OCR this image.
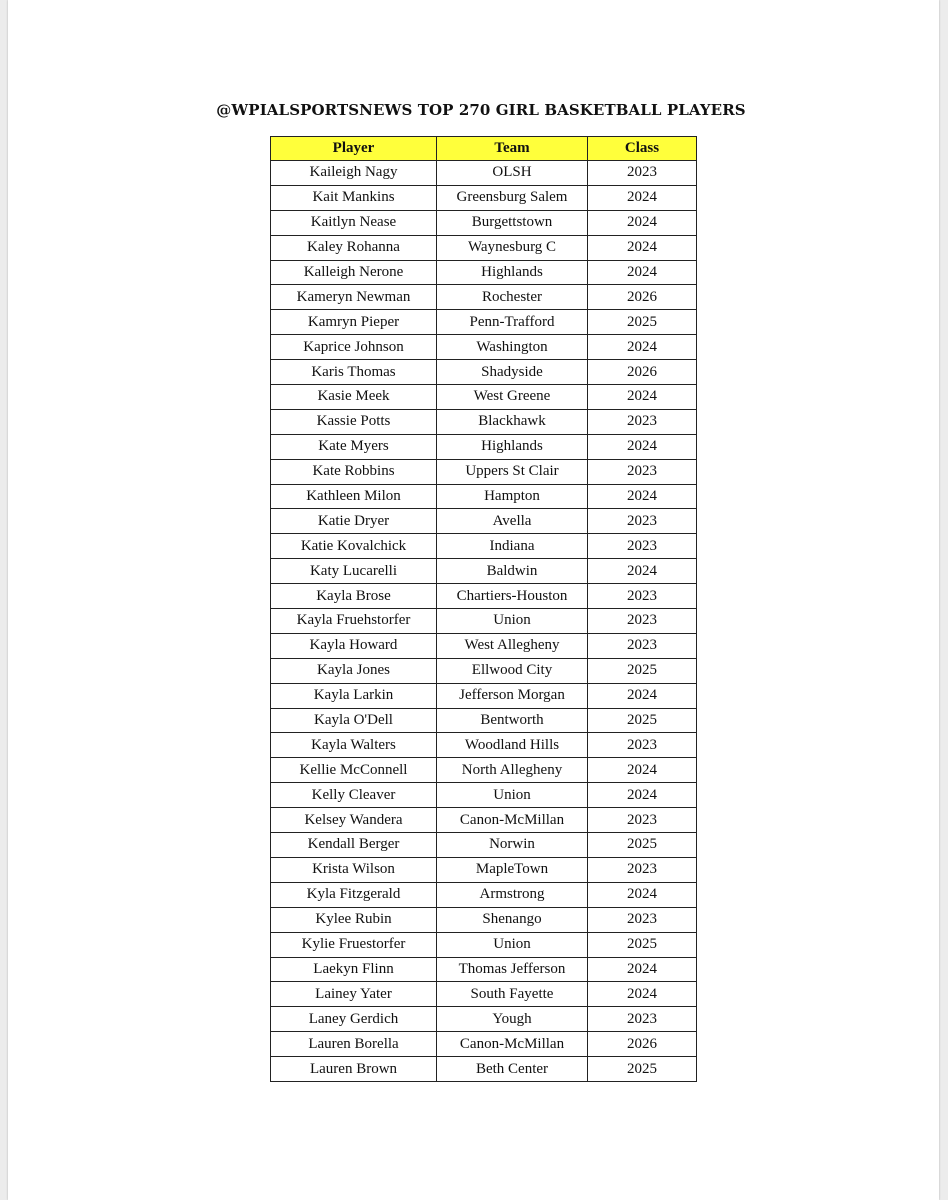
@WPIALSPORTSNEWS TOP 270 GIRL BASKETBALL PLAYERS
Player	Team	Class
Kaileigh Nagy	OLSH	2023
Kait Mankins	Greensburg Salem	2024
Kaitlyn Nease	Burgettstown	2024
Kaley Rohanna	Waynesburg C	2024
Kalleigh Nerone	Highlands	2024
Kameryn Newman	Rochester	2026
Kamryn Pieper	Penn-Trafford	2025
Kaprice Johnson	Washington	2024
Karis Thomas	Shadyside	2026
Kasie Meek	West Greene	2024
Kassie Potts	Blackhawk	2023
Kate Myers	Highlands	2024
Kate Robbins	Uppers St Clair	2023
Kathleen Milon	Hampton	2024
Katie Dryer	Avella	2023
Katie Kovalchick	Indiana	2023
Katy Lucarelli	Baldwin	2024
Kayla Brose	Chartiers-Houston	2023
Kayla Fruehstorfer	Union	2023
Kayla Howard	West Allegheny	2023
Kayla Jones	Ellwood City	2025
Kayla Larkin	Jefferson Morgan	2024
Kayla O'Dell	Bentworth	2025
Kayla Walters	Woodland Hills	2023
Kellie McConnell	North Allegheny	2024
Kelly Cleaver	Union	2024
Kelsey Wandera	Canon-McMillan	2023
Kendall Berger	Norwin	2025
Krista Wilson	MapleTown	2023
Kyla Fitzgerald	Armstrong	2024
Kylee Rubin	Shenango	2023
Kylie Fruestorfer	Union	2025
Laekyn Flinn	Thomas Jefferson	2024
Lainey Yater	South Fayette	2024
Laney Gerdich	Yough	2023
Lauren Borella	Canon-McMillan	2026
Lauren Brown	Beth Center	2025
